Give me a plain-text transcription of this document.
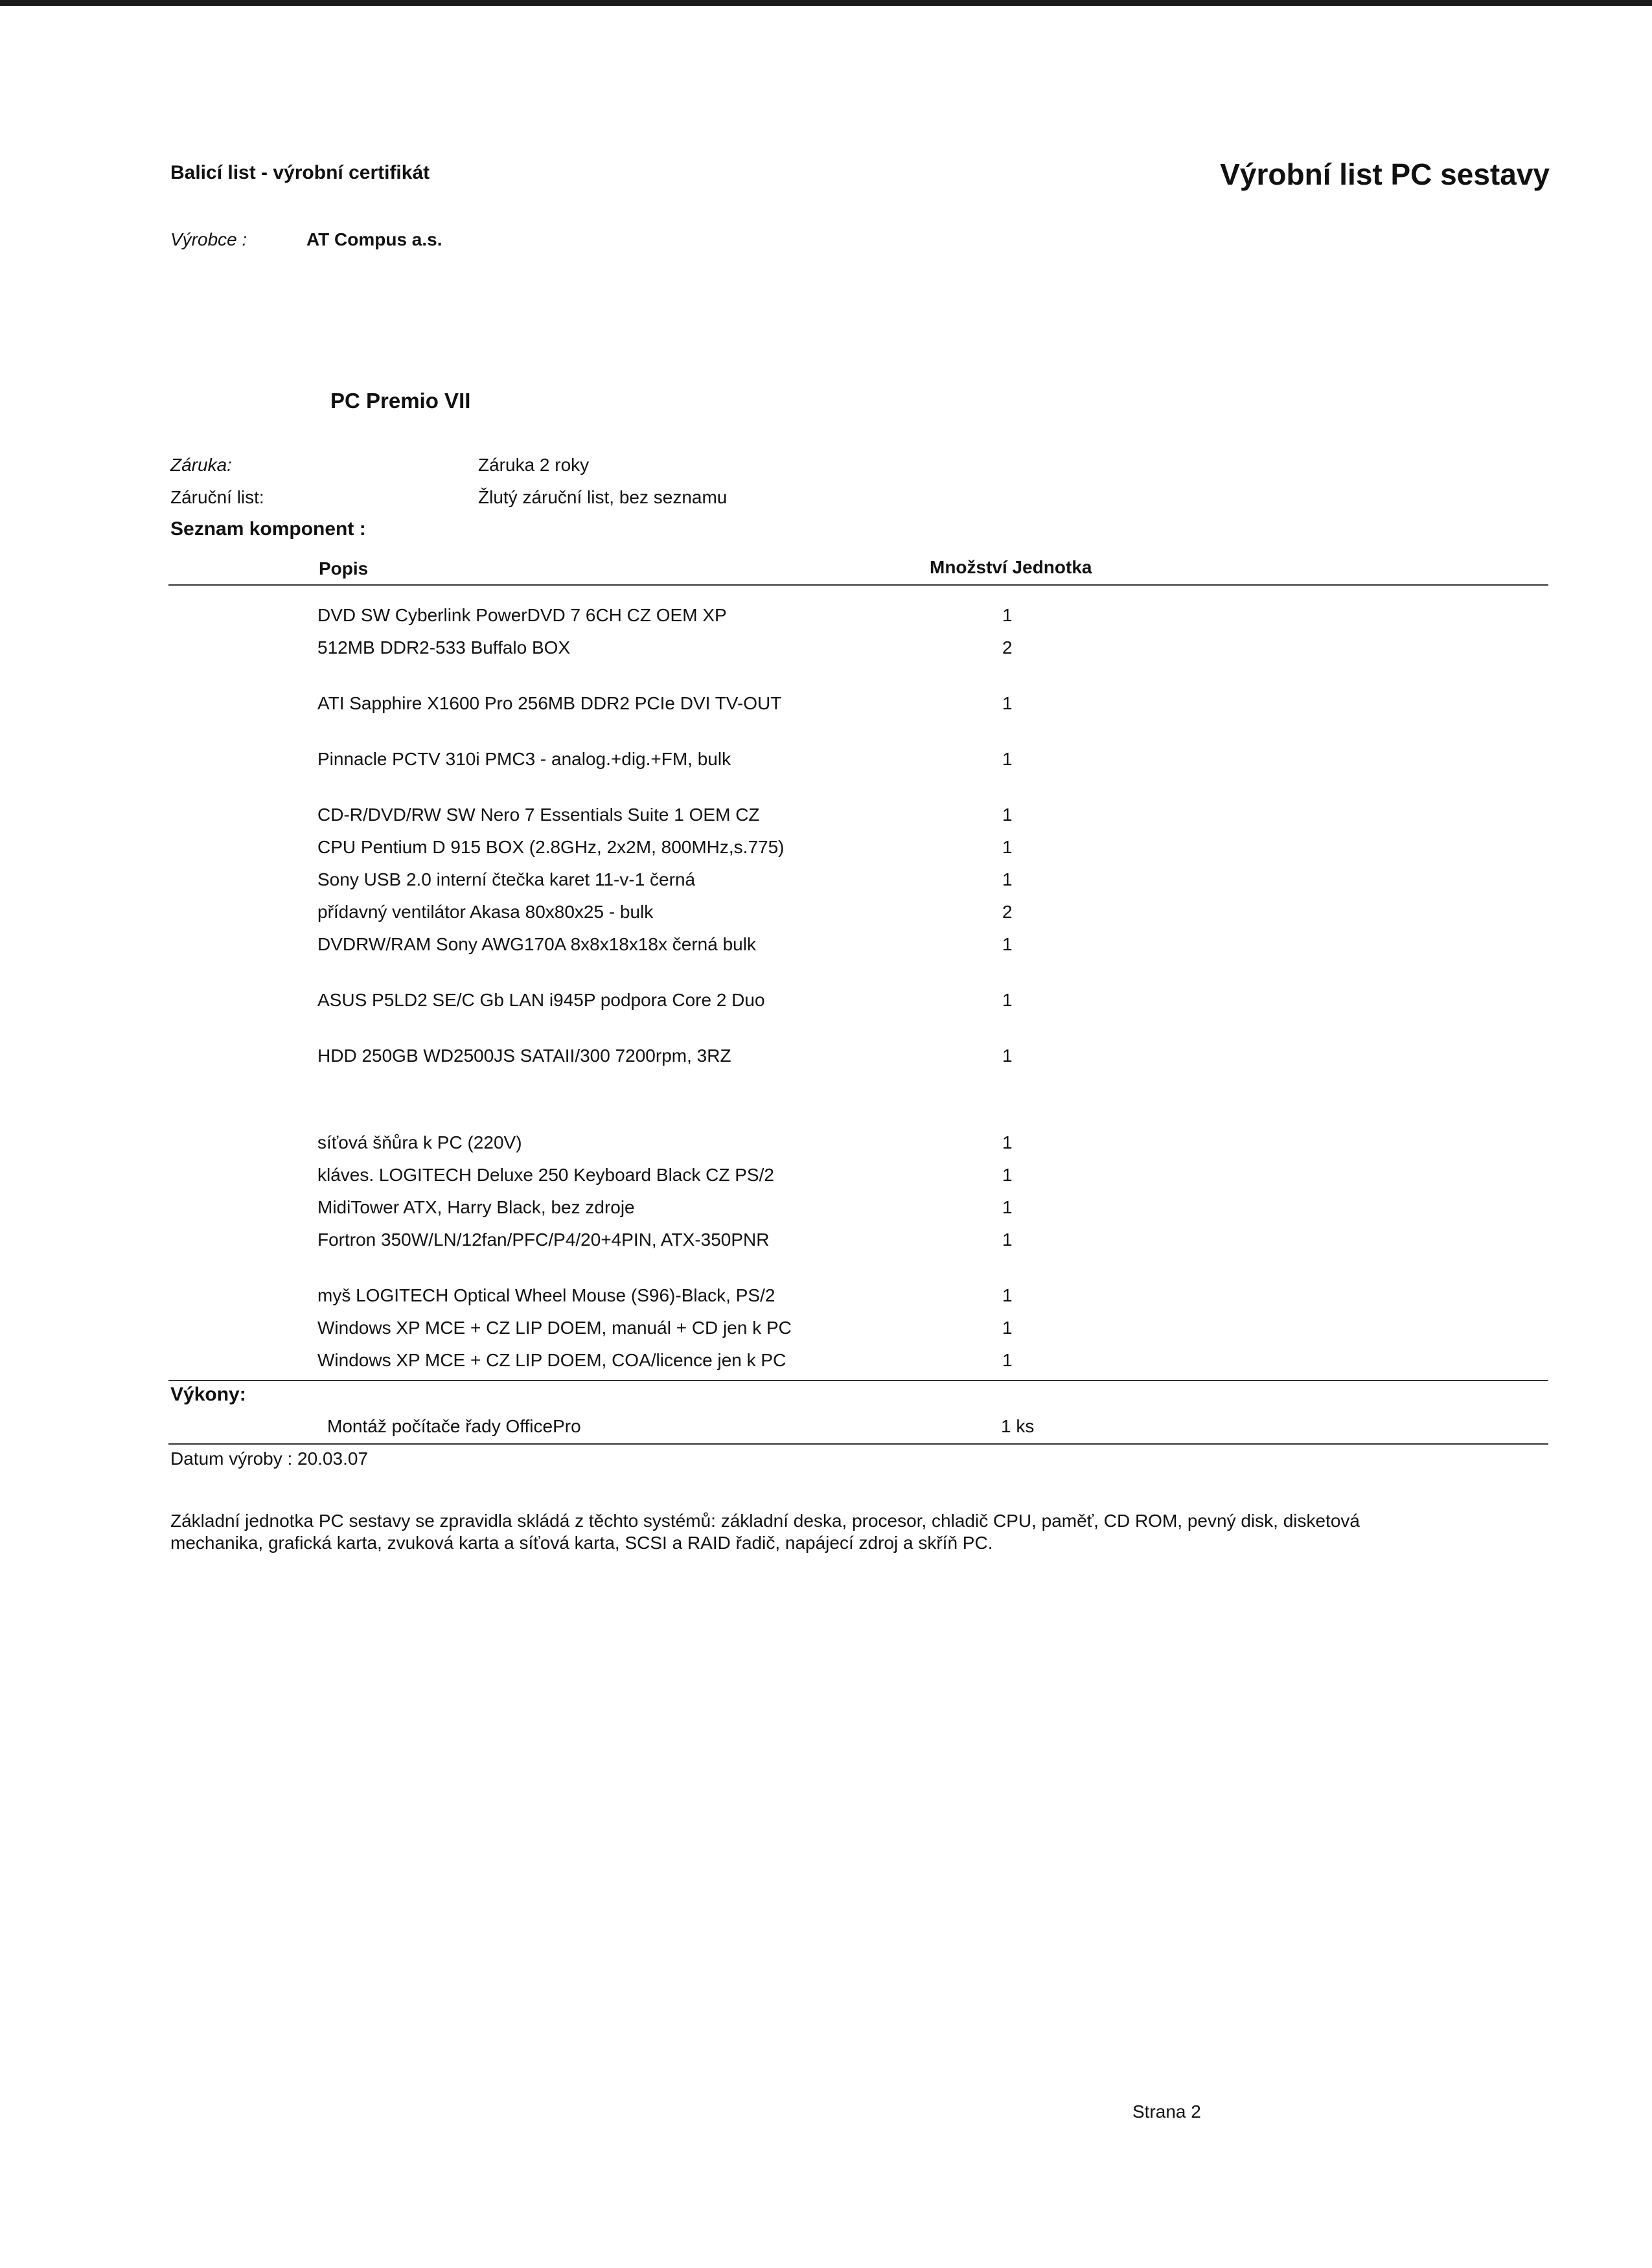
Balicí list - výrobní certifikát	Výrobní list PC sestavy
Výrobce :	AT Compus a.s.
PC Premio VII
Záruka:	Záruka 2 roky
Záruční list:	Žlutý záruční list, bez seznamu
Seznam komponent :
Popis	Množství Jednotka
DVD SW Cyberlink PowerDVD 7 6CH CZ OEM XP	1
512MB DDR2-533 Buffalo BOX	2
ATI Sapphire X1600 Pro 256MB DDR2 PCIe DVI TV-OUT	1
Pinnacle PCTV 310i PMC3 - analog.+dig.+FM, bulk	1
CD-R/DVD/RW SW Nero 7 Essentials Suite 1 OEM CZ	1
CPU Pentium D 915 BOX (2.8GHz, 2x2M, 800MHz,s.775)	1
Sony USB 2.0 interní čtečka karet 11-v-1 černá	1
přídavný ventilátor Akasa 80x80x25 - bulk	2
DVDRW/RAM Sony AWG170A 8x8x18x18x černá bulk	1
ASUS P5LD2 SE/C Gb LAN i945P podpora Core 2 Duo	1
HDD 250GB WD2500JS SATAII/300 7200rpm, 3RZ	1
síťová šňůra k PC (220V)	1
kláves. LOGITECH Deluxe 250 Keyboard Black CZ PS/2	1
MidiTower ATX, Harry Black, bez zdroje	1
Fortron 350W/LN/12fan/PFC/P4/20+4PIN, ATX-350PNR	1
myš LOGITECH Optical Wheel Mouse (S96)-Black, PS/2	1
Windows XP MCE + CZ LIP DOEM, manuál + CD jen k PC	1
Windows XP MCE + CZ LIP DOEM, COA/licence jen k PC	1
Výkony:
Montáž počítače řady OfficePro	1 ks
Datum výroby : 20.03.07
Základní jednotka PC sestavy se zpravidla skládá z těchto systémů: základní deska, procesor, chladič CPU, paměť, CD ROM, pevný disk, disketová
mechanika, grafická karta, zvuková karta a síťová karta, SCSI a RAID řadič, napájecí zdroj a skříň PC.
Strana 2
